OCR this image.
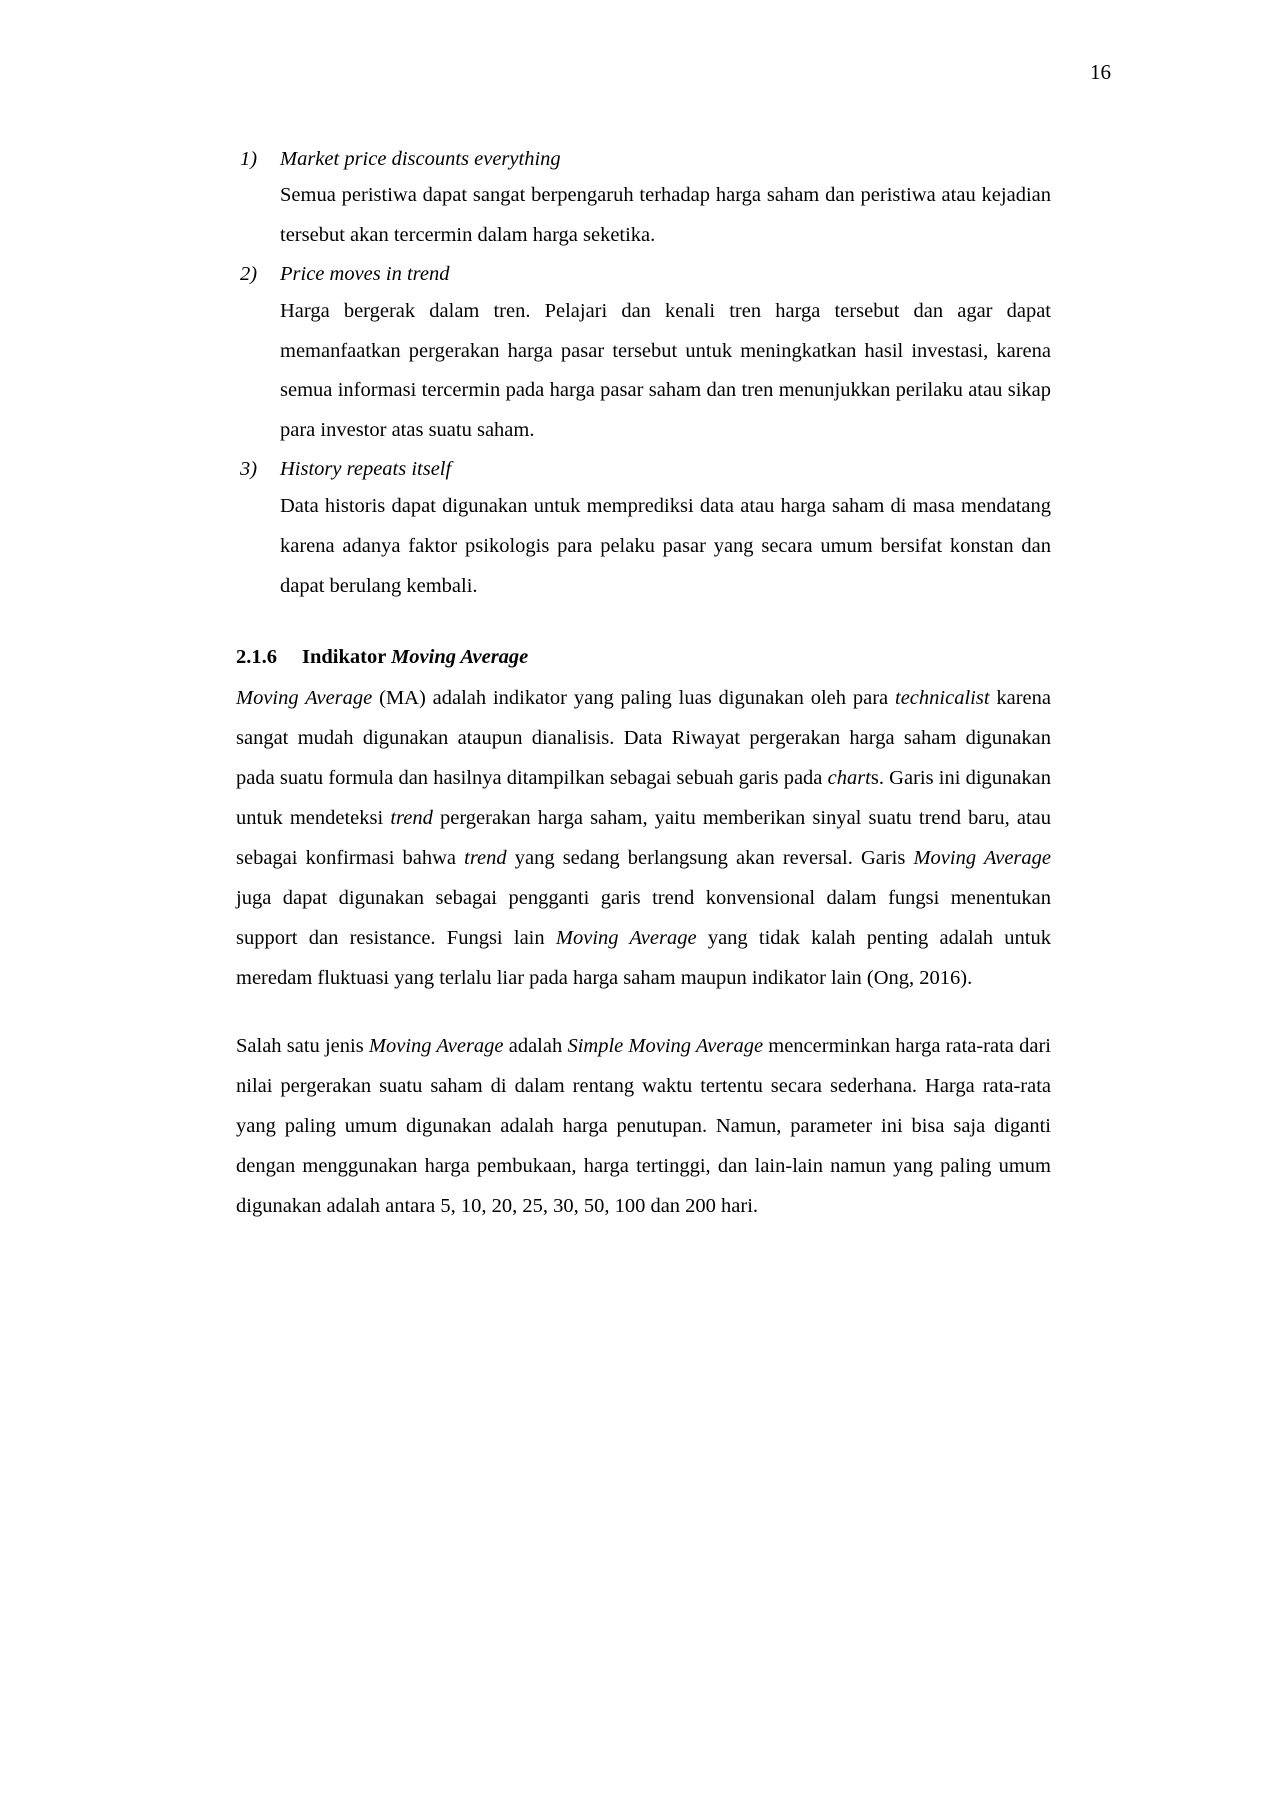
16
1)	Market price discounts everything
Semua peristiwa dapat sangat berpengaruh terhadap harga saham dan peristiwa atau kejadian tersebut akan tercermin dalam harga seketika.
2)	Price moves in trend
Harga bergerak dalam tren. Pelajari dan kenali tren harga tersebut dan agar dapat memanfaatkan pergerakan harga pasar tersebut untuk meningkatkan hasil investasi, karena semua informasi tercermin pada harga pasar saham dan tren menunjukkan perilaku atau sikap para investor atas suatu saham.
3)	History repeats itself
Data historis dapat digunakan untuk memprediksi data atau harga saham di masa mendatang karena adanya faktor psikologis para pelaku pasar yang secara umum bersifat konstan dan dapat berulang kembali.
2.1.6 Indikator Moving Average

Moving Average (MA) adalah indikator yang paling luas digunakan oleh para technicalist karena sangat mudah digunakan ataupun dianalisis. Data Riwayat pergerakan harga saham digunakan pada suatu formula dan hasilnya ditampilkan sebagai sebuah garis pada charts. Garis ini digunakan untuk mendeteksi trend pergerakan harga saham, yaitu memberikan sinyal suatu trend baru, atau sebagai konfirmasi bahwa trend yang sedang berlangsung akan reversal. Garis Moving Average juga dapat digunakan sebagai pengganti garis trend konvensional dalam fungsi menentukan support dan resistance. Fungsi lain Moving Average yang tidak kalah penting adalah untuk meredam fluktuasi yang terlalu liar pada harga saham maupun indikator lain (Ong, 2016).

Salah satu jenis Moving Average adalah Simple Moving Average mencerminkan harga rata-rata dari nilai pergerakan suatu saham di dalam rentang waktu tertentu secara sederhana. Harga rata-rata yang paling umum digunakan adalah harga penutupan. Namun, parameter ini bisa saja diganti dengan menggunakan harga pembukaan, harga tertinggi, dan lain-lain namun yang paling umum digunakan adalah antara 5, 10, 20, 25, 30, 50, 100 dan 200 hari.
